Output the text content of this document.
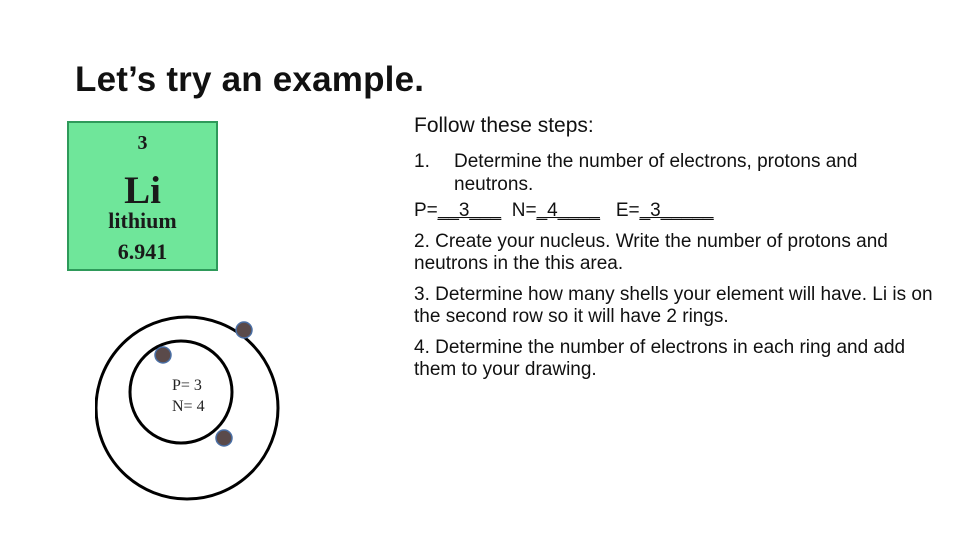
Let’s try an example.
3
Li
lithium
6.941
P= 3
N= 4
Follow these steps:
1.	Determine the number of electrons, protons and neutrons.

P=__3___ N=_4____ E=_3_____

2. Create your nucleus. Write the number of protons and neutrons in the this area.

3. Determine how many shells your element will have. Li is on the second row so it will have 2 rings.

4. Determine the number of electrons in each ring and add them to your drawing.
